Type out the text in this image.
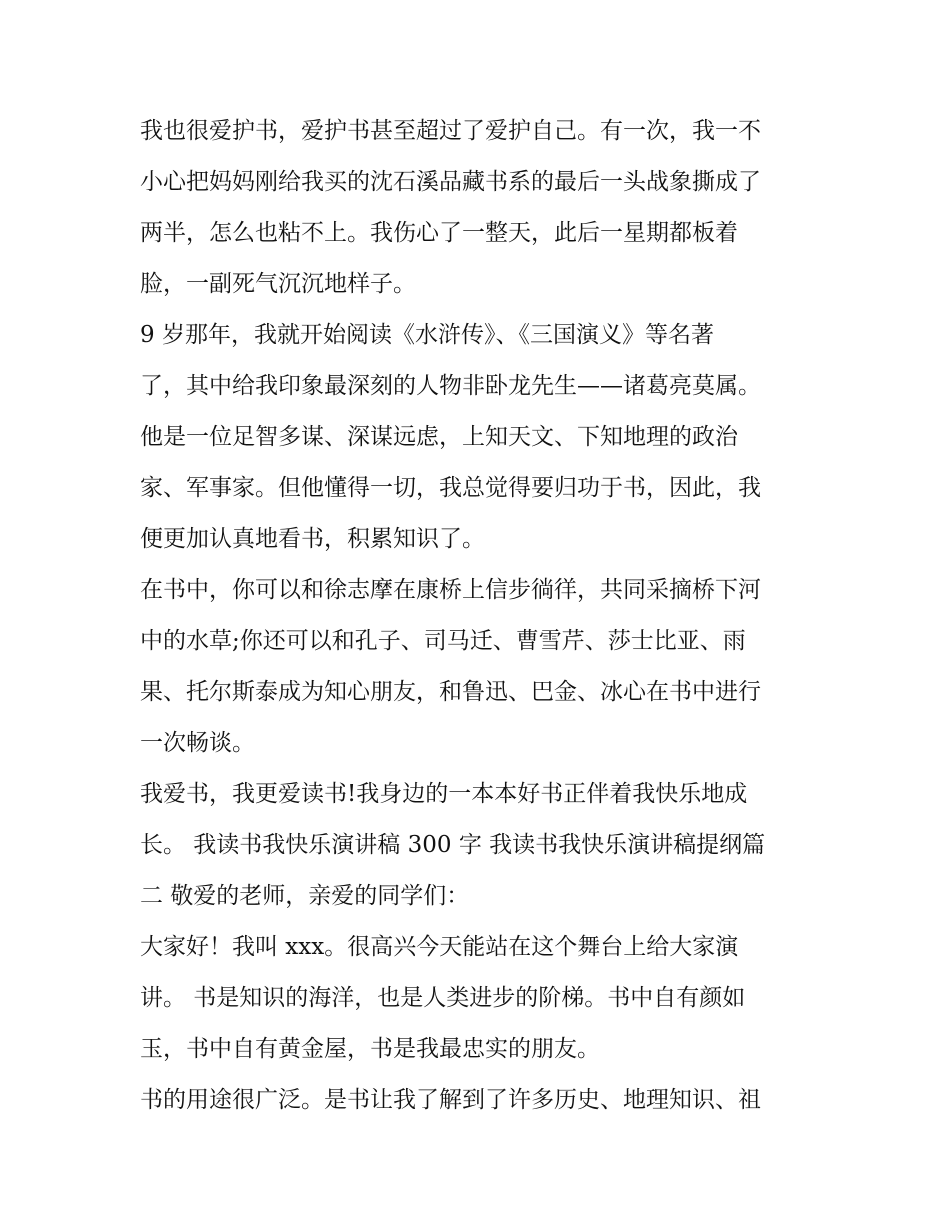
我也很爱护书，爱护书甚至超过了爱护自己。有一次，我一不
小心把妈妈刚给我买的沈石溪品藏书系的最后一头战象撕成了
两半，怎么也粘不上。我伤心了一整天，此后一星期都板着
脸，一副死气沉沉地样子。
9 岁那年，我就开始阅读《水浒传》、《三国演义》等名著
了，其中给我印象最深刻的人物非卧龙先生——诸葛亮莫属。
他是一位足智多谋、深谋远虑，上知天文、下知地理的政治
家、军事家。但他懂得一切，我总觉得要归功于书，因此，我
便更加认真地看书，积累知识了。
在书中，你可以和徐志摩在康桥上信步徜徉，共同采摘桥下河
中的水草;你还可以和孔子、司马迁、曹雪芹、莎士比亚、雨
果、托尔斯泰成为知心朋友，和鲁迅、巴金、冰心在书中进行
一次畅谈。
我爱书，我更爱读书!我身边的一本本好书正伴着我快乐地成
长。 我读书我快乐演讲稿 300 字 我读书我快乐演讲稿提纲篇
二 敬爱的老师，亲爱的同学们：
大家好！我叫 xxx。很高兴今天能站在这个舞台上给大家演
讲。 书是知识的海洋，也是人类进步的阶梯。书中自有颜如
玉，书中自有黄金屋，书是我最忠实的朋友。
书的用途很广泛。是书让我了解到了许多历史、地理知识、祖
